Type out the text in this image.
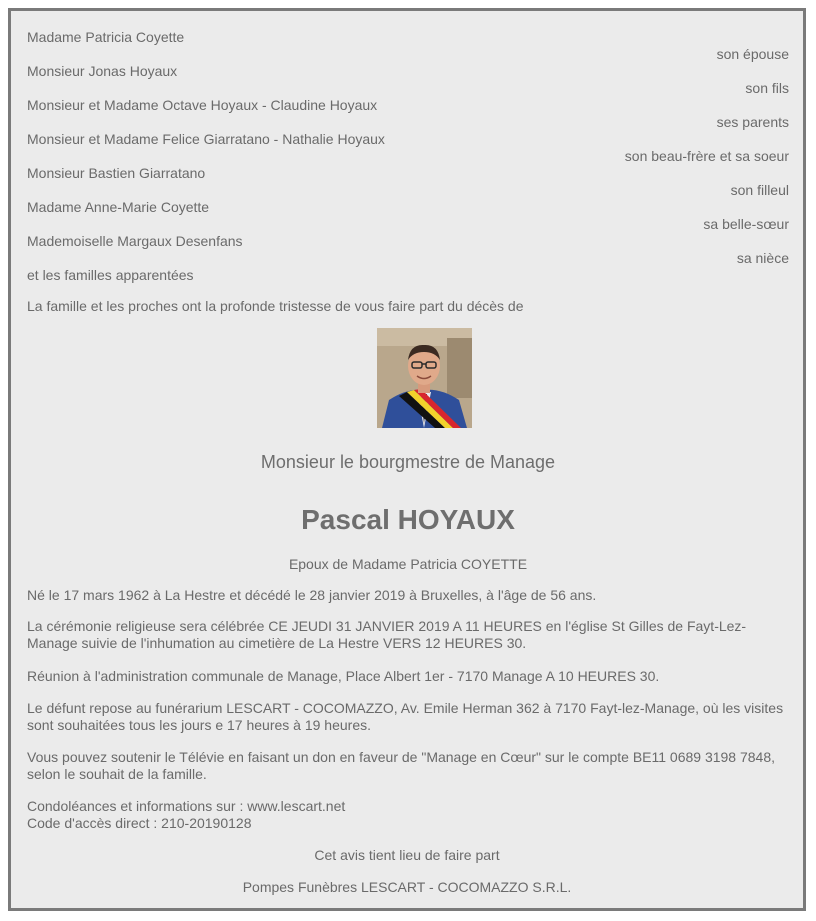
Madame Patricia Coyette
son épouse
Monsieur Jonas Hoyaux
son fils
Monsieur et Madame Octave Hoyaux - Claudine Hoyaux
ses parents
Monsieur et Madame Felice Giarratano - Nathalie Hoyaux
son beau-frère et sa soeur
Monsieur Bastien Giarratano
son filleul
Madame Anne-Marie Coyette
sa belle-sœur
Mademoiselle Margaux Desenfans
sa nièce
et les familles apparentées
La famille et les proches ont la profonde tristesse de vous faire part du décès de
Monsieur le bourgmestre de Manage
Pascal HOYAUX
Epoux de Madame Patricia COYETTE
Né le 17 mars 1962 à La Hestre et décédé le 28 janvier 2019 à Bruxelles, à l'âge de 56 ans.
La cérémonie religieuse sera célébrée CE JEUDI 31 JANVIER 2019 A 11 HEURES en l'église St Gilles de Fayt-Lez-Manage suivie de l'inhumation au cimetière de La Hestre VERS 12 HEURES 30.
Réunion à l'administration communale de Manage, Place Albert 1er - 7170 Manage A 10 HEURES 30.
Le défunt repose au funérarium LESCART - COCOMAZZO, Av. Emile Herman 362 à 7170 Fayt-lez-Manage, où les visites sont souhaitées tous les jours e 17 heures à 19 heures.
Vous pouvez soutenir le Télévie en faisant un don en faveur de "Manage en Cœur" sur le compte BE11 0689 3198 7848, selon le souhait de la famille.
Condoléances et informations sur : www.lescart.net
Code d'accès direct : 210-20190128
Cet avis tient lieu de faire part
Pompes Funèbres LESCART - COCOMAZZO S.R.L.
